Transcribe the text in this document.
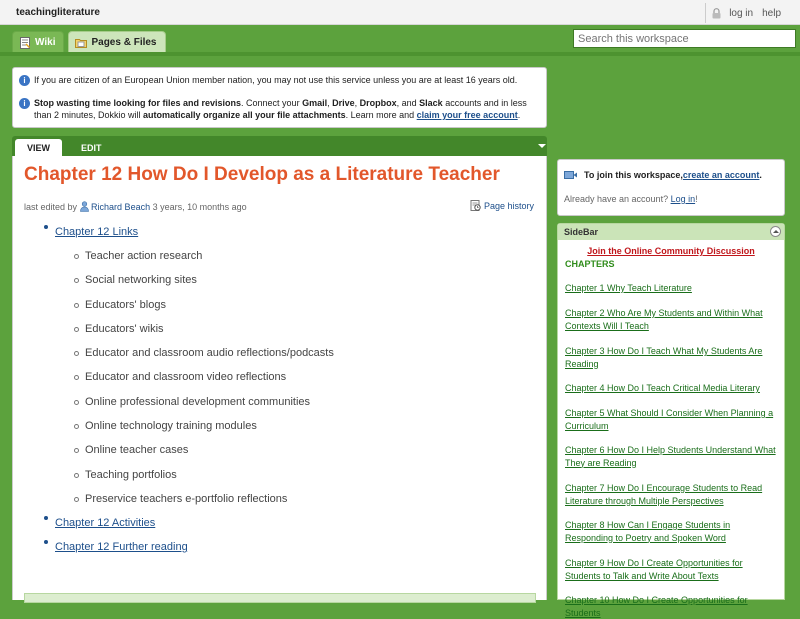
teachingliterature	log in help
Wiki	Pages & Files
Search this workspace
i If you are citizen of an European Union member nation, you may not use this service unless you are at least 16 years old.
i Stop wasting time looking for files and revisions. Connect your Gmail, Drive, Dropbox, and Slack accounts and in less than 2 minutes, Dokkio will automatically organize all your file attachments. Learn more and claim your free account.
VIEW	EDIT
Chapter 12 How Do I Develop as a Literature Teacher
last edited by Richard Beach
3 years, 10 months ago	Page history
Chapter 12 Links
Teacher action research
Social networking sites
Educators' blogs
Educators' wikis
Educator and classroom audio reflections/podcasts
Educator and classroom video reflections
Online professional development communities
Online technology training modules
Online teacher cases
Teaching portfolios
Preservice teachers e-portfolio reflections
Chapter 12 Activities
Chapter 12 Further reading
To join this workspace, create an account .
Already have an account? Log in!
SideBar
Join the Online Community Discussion
CHAPTERS
Chapter 1 Why Teach Literature
Chapter 2 Who Are My Students and Within What Contexts Will I Teach
Chapter 3 How Do I Teach What My Students Are Reading
Chapter 4 How Do I Teach Critical Media Literary
Chapter 5 What Should I Consider When Planning a Curriculum
Chapter 6 How Do I Help Students Understand What They are Reading
Chapter 7 How Do I Encourage Students to Read Literature through Multiple Perspectives
Chapter 8 How Can I Engage Students in Responding to Poetry and Spoken Word
Chapter 9 How Do I Create Opportunities for Students to Talk and Write About Texts
Chapter 10 How Do I Create Opportunities for Students
